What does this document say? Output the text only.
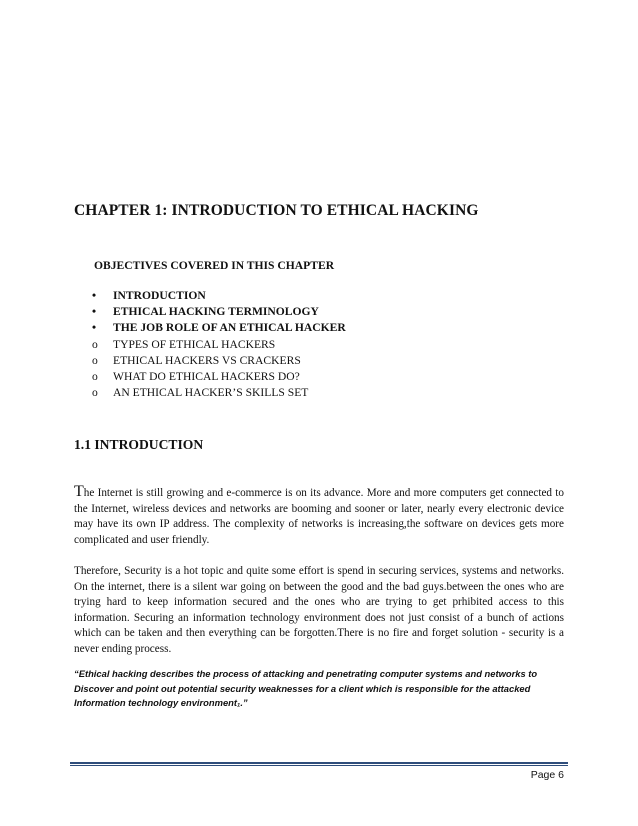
CHAPTER 1: INTRODUCTION TO ETHICAL HACKING
OBJECTIVES COVERED IN THIS CHAPTER
•	INTRODUCTION
•	ETHICAL HACKING TERMINOLOGY
•	THE JOB ROLE OF AN ETHICAL HACKER
o	TYPES OF ETHICAL HACKERS
o	ETHICAL HACKERS VS CRACKERS
o	WHAT DO ETHICAL HACKERS DO?
o	AN ETHICAL HACKER’S SKILLS SET
1.1 INTRODUCTION

The Internet is still growing and e-commerce is on its advance. More and more computers get connected to the Internet, wireless devices and networks are booming and sooner or later, nearly every electronic device may have its own IP address. The complexity of networks is increasing,the software on devices gets more complicated and user friendly.

Therefore, Security is a hot topic and quite some effort is spend in securing services, systems and networks. On the internet, there is a silent war going on between the good and the bad guys.between the ones who are trying hard to keep information secured and the ones who are trying to get prhibited access to this information. Securing an information technology environment does not just consist of a bunch of actions which can be taken and then everything can be forgotten.There is no fire and forget solution - security is a never ending process.

“Ethical hacking describes the process of attacking and penetrating computer systems and networks to Discover and point out potential security weaknesses for a client which is responsible for the attacked Information technology environment₁.”

Page 6
